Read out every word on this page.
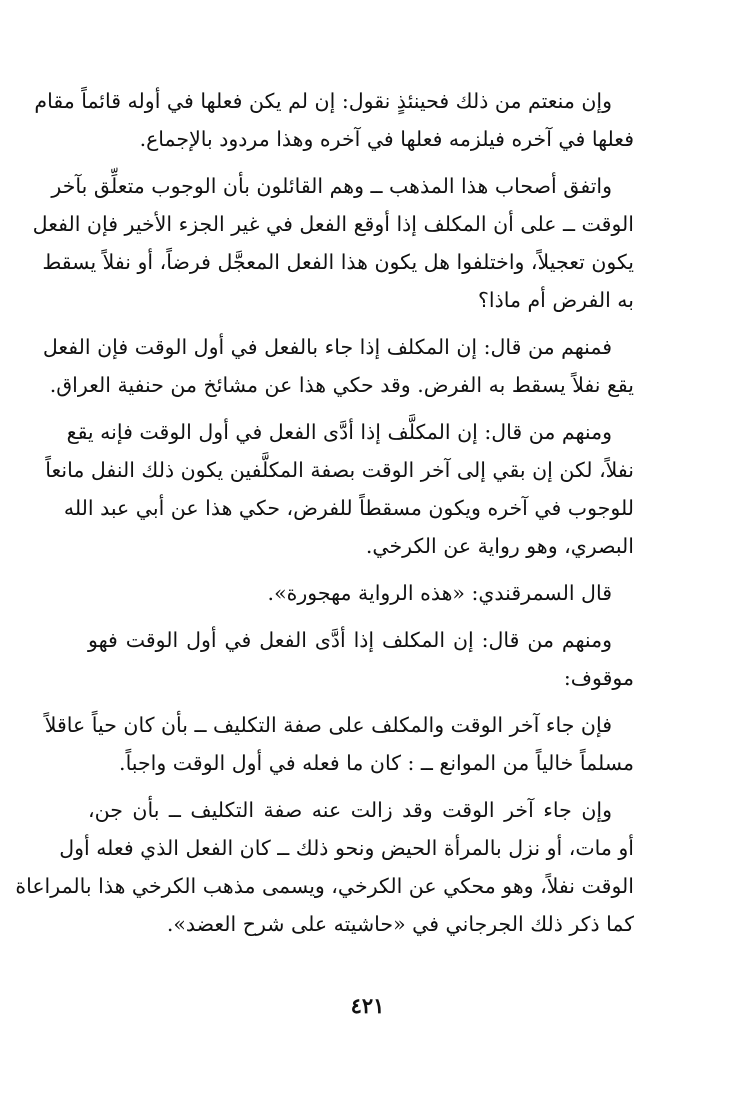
وإن منعتم من ذلك فحينئذٍ نقول: إن لم يكن فعلها في أوله قائماً مقام
فعلها في آخره فيلزمه فعلها في آخره وهذا مردود بالإجماع.

واتفق أصحاب هذا المذهب ــ وهم القائلون بأن الوجوب متعلِّق بآخر
الوقت ــ على أن المكلف إذا أوقع الفعل في غير الجزء الأخير فإن الفعل
يكون تعجيلاً، واختلفوا هل يكون هذا الفعل المعجَّل فرضاً، أو نفلاً يسقط
به الفرض أم ماذا؟

فمنهم من قال: إن المكلف إذا جاء بالفعل في أول الوقت فإن الفعل
يقع نفلاً يسقط به الفرض. وقد حكي هذا عن مشائخ من حنفية العراق.

ومنهم من قال: إن المكلَّف إذا أدَّى الفعل في أول الوقت فإنه يقع
نفلاً، لكن إن بقي إلى آخر الوقت بصفة المكلَّفين يكون ذلك النفل مانعاً
للوجوب في آخره ويكون مسقطاً للفرض، حكي هذا عن أبي عبد الله
البصري، وهو رواية عن الكرخي.

قال السمرقندي: «هذه الرواية مهجورة».

ومنهم من قال: إن المكلف إذا أدَّى الفعل في أول الوقت فهو
موقوف:

فإن جاء آخر الوقت والمكلف على صفة التكليف ــ بأن كان حياً عاقلاً
مسلماً خالياً من الموانع ــ : كان ما فعله في أول الوقت واجباً.

وإن جاء آخر الوقت وقد زالت عنه صفة التكليف ــ بأن جن،
أو مات، أو نزل بالمرأة الحيض ونحو ذلك ــ كان الفعل الذي فعله أول
الوقت نفلاً، وهو محكي عن الكرخي، ويسمى مذهب الكرخي هذا بالمراعاة
كما ذكر ذلك الجرجاني في «حاشيته على شرح العضد».

٤٢١
